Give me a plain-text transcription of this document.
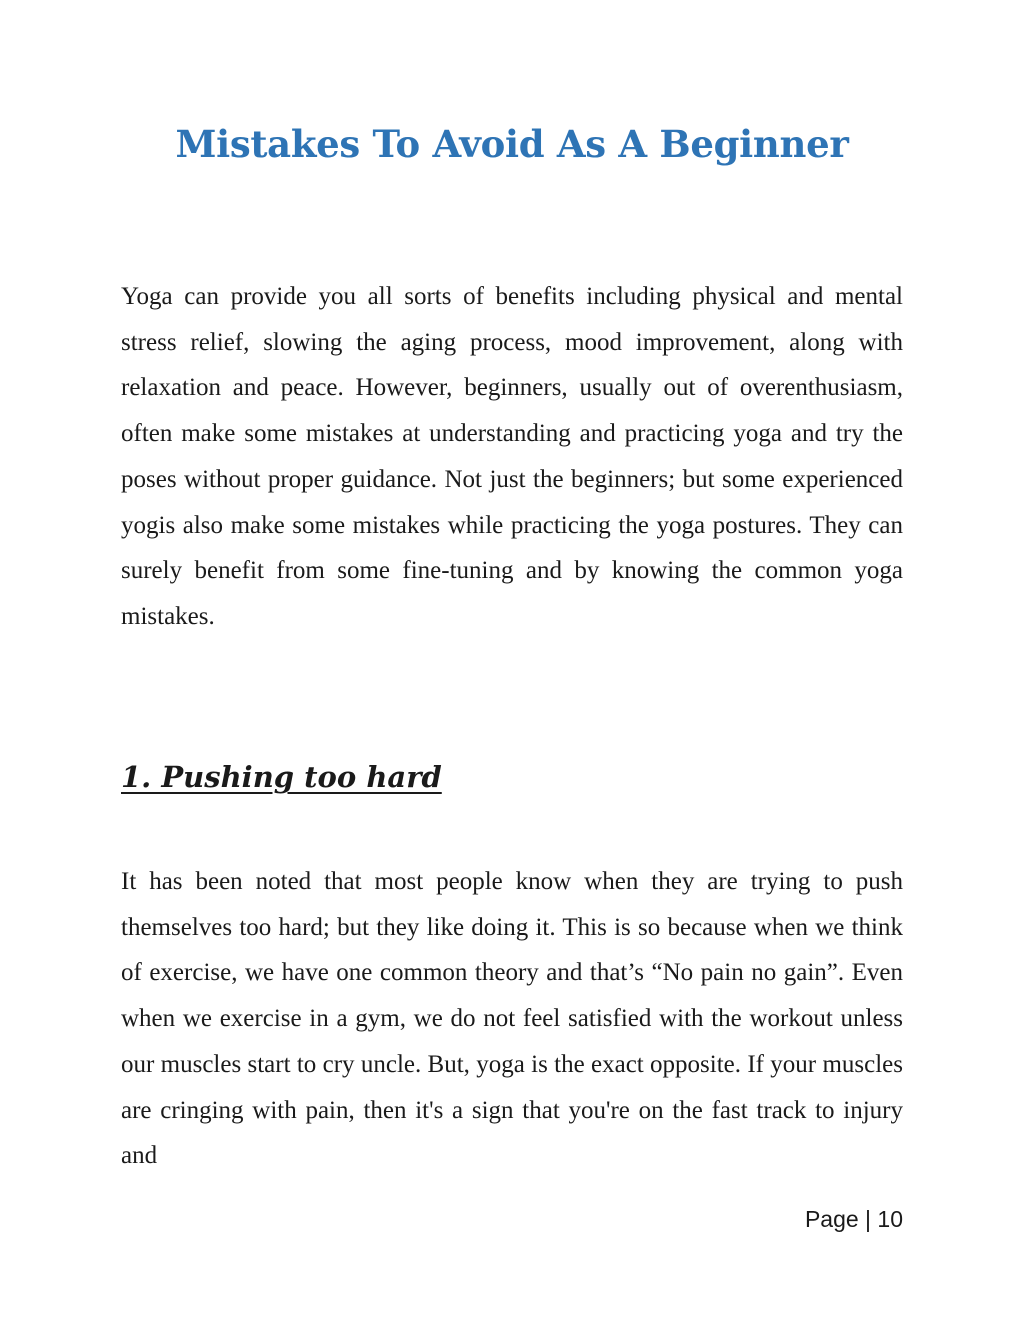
Mistakes To Avoid As A Beginner

Yoga can provide you all sorts of benefits including physical and mental stress relief, slowing the aging process, mood improvement, along with relaxation and peace. However, beginners, usually out of overenthusiasm, often make some mistakes at understanding and practicing yoga and try the poses without proper guidance. Not just the beginners; but some experienced yogis also make some mistakes while practicing the yoga postures. They can surely benefit from some fine-tuning and by knowing the common yoga mistakes.

1. Pushing too hard

It has been noted that most people know when they are trying to push themselves too hard; but they like doing it. This is so because when we think of exercise, we have one common theory and that’s “No pain no gain”. Even when we exercise in a gym, we do not feel satisfied with the workout unless our muscles start to cry uncle. But, yoga is the exact opposite. If your muscles are cringing with pain, then it's a sign that you're on the fast track to injury and

Page | 10
